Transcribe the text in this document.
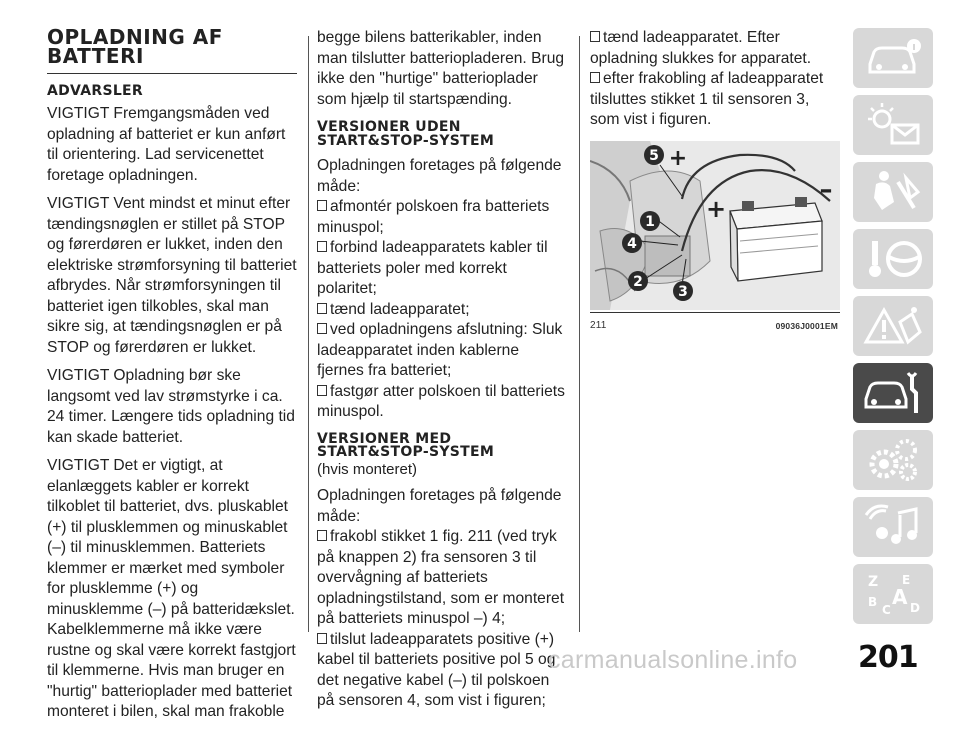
OPLADNING AF
BATTERI
ADVARSLER

VIGTIGT Fremgangsmåden ved opladning af batteriet er kun anført til orientering. Lad servicenettet foretage opladningen.

VIGTIGT Vent mindst et minut efter tændingsnøglen er stillet på STOP og førerdøren er lukket, inden den elektriske strømforsyning til batteriet afbrydes. Når strømforsyningen til batteriet igen tilkobles, skal man sikre sig, at tændingsnøglen er på STOP og førerdøren er lukket.

VIGTIGT Opladning bør ske langsomt ved lav strømstyrke i ca. 24 timer. Længere tids opladning tid kan skade batteriet.

VIGTIGT Det er vigtigt, at elanlæggets kabler er korrekt tilkoblet til batteriet, dvs. pluskablet (+) til plusklemmen og minuskablet (–) til minusklemmen. Batteriets klemmer er mærket med symboler for plusklemme (+) og minusklemme (–) på batteridækslet. Kabelklemmerne må ikke være rustne og skal være korrekt fastgjort til klemmerne. Hvis man bruger en "hurtig" batterioplader med batteriet monteret i bilen, skal man frakoble

begge bilens batterikabler, inden man tilslutter batteriopladeren. Brug ikke den "hurtige" batterioplader som hjælp til startspænding.

VERSIONER UDEN
START&STOP-SYSTEM

Opladningen foretages på følgende måde:

afmontér polskoen fra batteriets minuspol;

forbind ladeapparatets kabler til batteriets poler med korrekt polaritet;

tænd ladeapparatet;

ved opladningens afslutning: Sluk ladeapparatet inden kablerne fjernes fra batteriet;

fastgør atter polskoen til batteriets minuspol.

VERSIONER MED
START&STOP-SYSTEM

(hvis monteret)

Opladningen foretages på følgende måde:

frakobl stikket 1 fig. 211 (ved tryk på knappen 2) fra sensoren 3 til overvågning af batteriets opladningstilstand, som er monteret på batteriets minuspol –) 4;

tilslut ladeapparatets positive (+) kabel til batteriets positive pol 5 og det negative kabel (–) til polskoen på sensoren 4, som vist i figuren;

tænd ladeapparatet. Efter opladning slukkes for apparatet.

efter frakobling af ladeapparatet tilsluttes stikket 1 til sensoren 3, som vist i figuren.

5 +
+
–
1
4
2
3
211	09036J0001EM
Z E
B
C
A D
201
carmanualsonline.info
